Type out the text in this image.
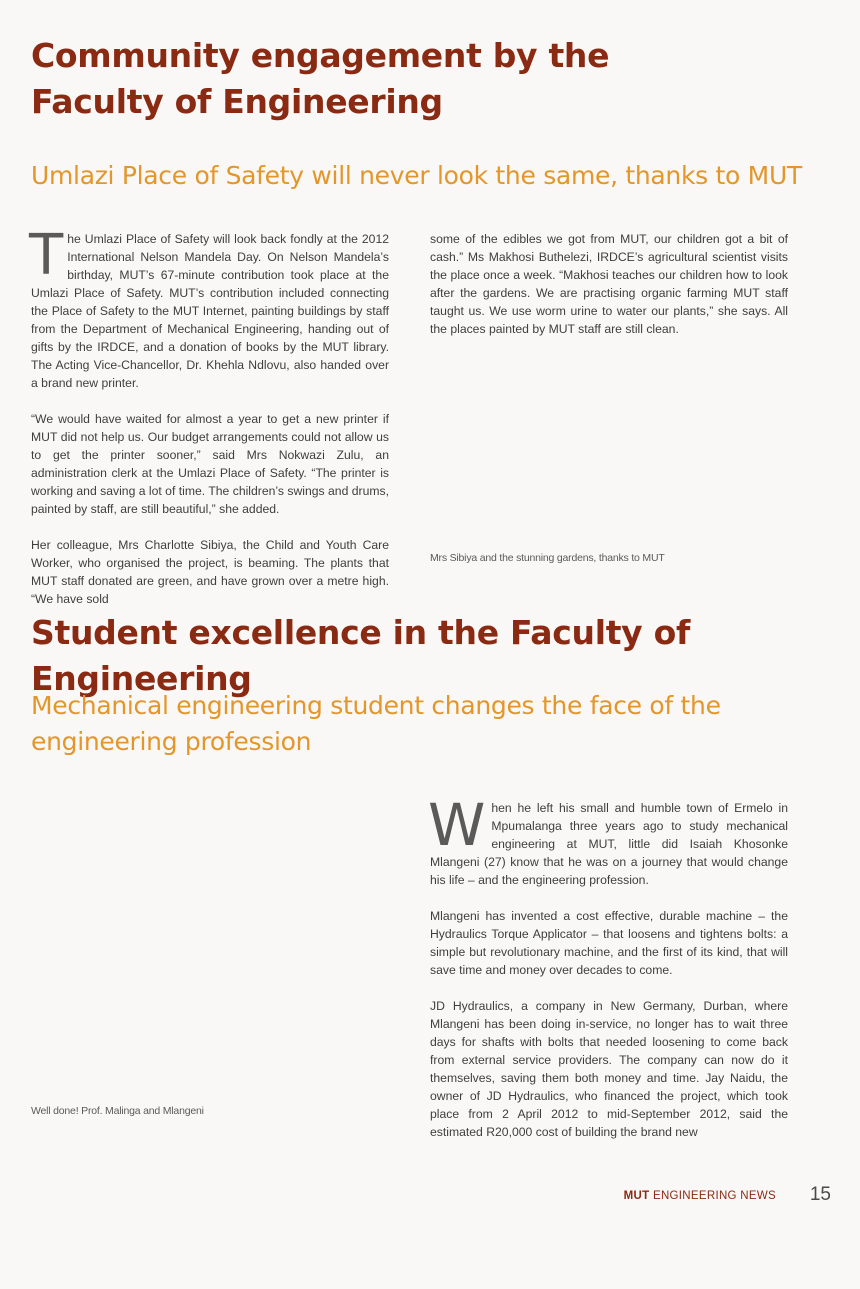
Community engagement by the
Faculty of Engineering
Umlazi Place of Safety will never look the same, thanks to MUT

The Umlazi Place of Safety will look back fondly at the 2012 International Nelson Mandela Day. On Nelson Mandela’s birthday, MUT’s 67-minute contribution took place at the Umlazi Place of Safety. MUT’s contribution included connecting the Place of Safety to the MUT Internet, painting buildings by staff from the Department of Mechanical Engineering, handing out of gifts by the IRDCE, and a donation of books by the MUT library. The Acting Vice-Chancellor, Dr. Khehla Ndlovu, also handed over a brand new printer.

“We would have waited for almost a year to get a new printer if MUT did not help us. Our budget arrangements could not allow us to get the printer sooner,” said Mrs Nokwazi Zulu, an administration clerk at the Umlazi Place of Safety. “The printer is working and saving a lot of time. The children’s swings and drums, painted by staff, are still beautiful,” she added.

Her colleague, Mrs Charlotte Sibiya, the Child and Youth Care Worker, who organised the project, is beaming. The plants that MUT staff donated are green, and have grown over a metre high. “We have sold

some of the edibles we got from MUT, our children got a bit of cash.” Ms Makhosi Buthelezi, IRDCE’s agricultural scientist visits the place once a week. “Makhosi teaches our children how to look after the gardens. We are practising organic farming MUT staff taught us. We use worm urine to water our plants,” she says. All the places painted by MUT staff are still clean.

Mrs Sibiya and the stunning gardens, thanks to MUT
Student excellence in the Faculty of Engineering
Mechanical engineering student changes the face of the
engineering profession

When he left his small and humble town of Ermelo in Mpumalanga three years ago to study mechanical engineering at MUT, little did Isaiah Khosonke Mlangeni (27) know that he was on a journey that would change his life – and the engineering profession.

Mlangeni has invented a cost effective, durable machine – the Hydraulics Torque Applicator – that loosens and tightens bolts: a simple but revolutionary machine, and the first of its kind, that will save time and money over decades to come.

JD Hydraulics, a company in New Germany, Durban, where Mlangeni has been doing in-service, no longer has to wait three days for shafts with bolts that needed loosening to come back from external service providers. The company can now do it themselves, saving them both money and time. Jay Naidu, the owner of JD Hydraulics, who financed the project, which took place from 2 April 2012 to mid-September 2012, said the estimated R20,000 cost of building the brand new

Well done! Prof. Malinga and Mlangeni
MUT ENGINEERING NEWS 15
